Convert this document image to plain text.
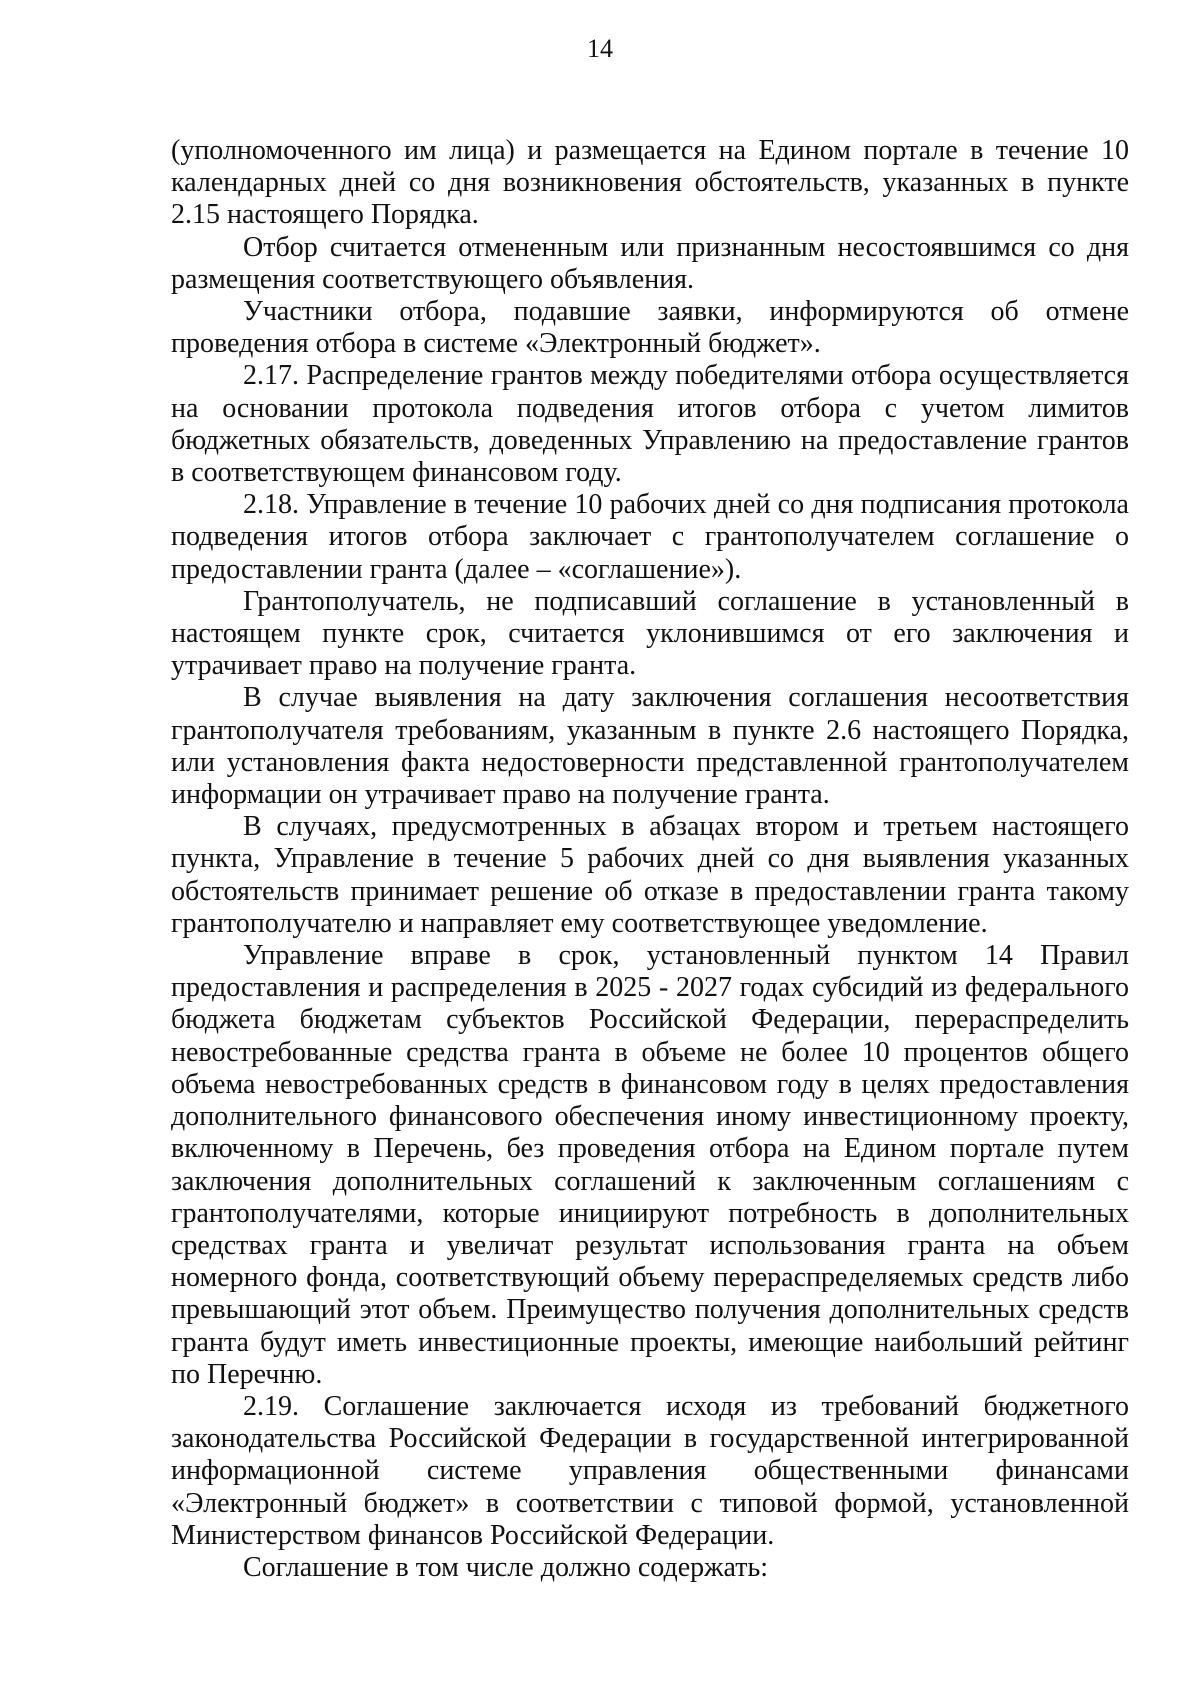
14

(уполномоченного им лица) и размещается на Едином портале в течение 10 календарных дней со дня возникновения обстоятельств, указанных в пункте 2.15 настоящего Порядка.

Отбор считается отмененным или признанным несостоявшимся со дня размещения соответствующего объявления.

Участники отбора, подавшие заявки, информируются об отмене проведения отбора в системе «Электронный бюджет».

2.17. Распределение грантов между победителями отбора осуществляется на основании протокола подведения итогов отбора с учетом лимитов бюджетных обязательств, доведенных Управлению на предоставление грантов в соответствующем финансовом году.

2.18. Управление в течение 10 рабочих дней со дня подписания протокола подведения итогов отбора заключает с грантополучателем соглашение о предоставлении гранта (далее – «соглашение»).

Грантополучатель, не подписавший соглашение в установленный в настоящем пункте срок, считается уклонившимся от его заключения и утрачивает право на получение гранта.

В случае выявления на дату заключения соглашения несоответствия грантополучателя требованиям, указанным в пункте 2.6 настоящего Порядка, или установления факта недостоверности представленной грантополучателем информации он утрачивает право на получение гранта.

В случаях, предусмотренных в абзацах втором и третьем настоящего пункта, Управление в течение 5 рабочих дней со дня выявления указанных обстоятельств принимает решение об отказе в предоставлении гранта такому грантополучателю и направляет ему соответствующее уведомление.

Управление вправе в срок, установленный пунктом 14 Правил предоставления и распределения в 2025 - 2027 годах субсидий из федерального бюджета бюджетам субъектов Российской Федерации, перераспределить невостребованные средства гранта в объеме не более 10 процентов общего объема невостребованных средств в финансовом году в целях предоставления дополнительного финансового обеспечения иному инвестиционному проекту, включенному в Перечень, без проведения отбора на Едином портале путем заключения дополнительных соглашений к заключенным соглашениям с грантополучателями, которые инициируют потребность в дополнительных средствах гранта и увеличат результат использования гранта на объем номерного фонда, соответствующий объему перераспределяемых средств либо превышающий этот объем. Преимущество получения дополнительных средств гранта будут иметь инвестиционные проекты, имеющие наибольший рейтинг по Перечню.

2.19. Соглашение заключается исходя из требований бюджетного законодательства Российской Федерации в государственной интегрированной информационной системе управления общественными финансами «Электронный бюджет» в соответствии с типовой формой, установленной Министерством финансов Российской Федерации.

Соглашение в том числе должно содержать:
